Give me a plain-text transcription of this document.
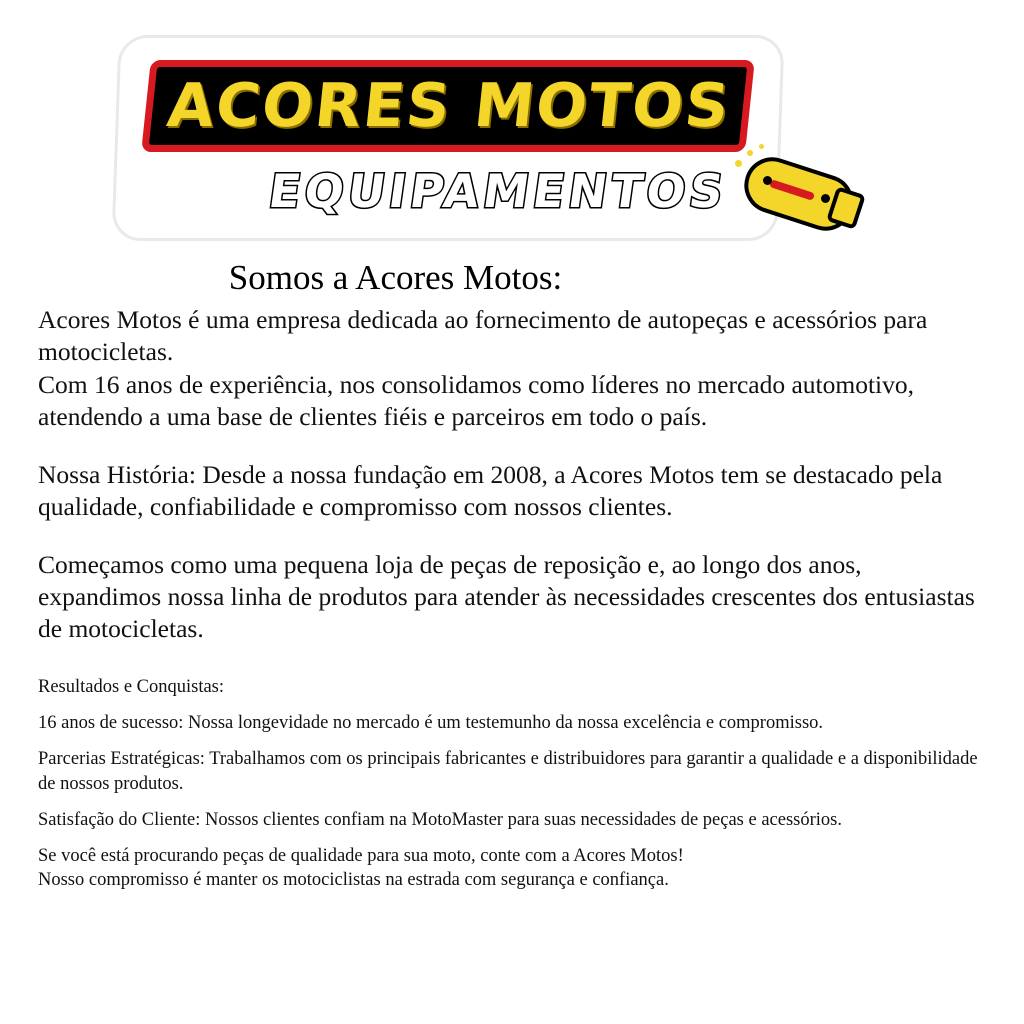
ACORES MOTOS
EQUIPAMENTOS
Somos a Acores Motos:

Acores Motos é uma empresa dedicada ao fornecimento de autopeças e acessórios para motocicletas.

Com 16 anos de experiência, nos consolidamos como líderes no mercado automotivo, atendendo a uma base de clientes fiéis e parceiros em todo o país.

Nossa História: Desde a nossa fundação em 2008, a Acores Motos tem se destacado pela qualidade, confiabilidade e compromisso com nossos clientes.

Começamos como uma pequena loja de peças de reposição e, ao longo dos anos, expandimos nossa linha de produtos para atender às necessidades crescentes dos entusiastas de motocicletas.

Resultados e Conquistas:

16 anos de sucesso: Nossa longevidade no mercado é um testemunho da nossa excelência e compromisso.

Parcerias Estratégicas: Trabalhamos com os principais fabricantes e distribuidores para garantir a qualidade e a disponibilidade de nossos produtos.

Satisfação do Cliente: Nossos clientes confiam na MotoMaster para suas necessidades de peças e acessórios.

Se você está procurando peças de qualidade para sua moto, conte com a Acores Motos!

Nosso compromisso é manter os motociclistas na estrada com segurança e confiança.
